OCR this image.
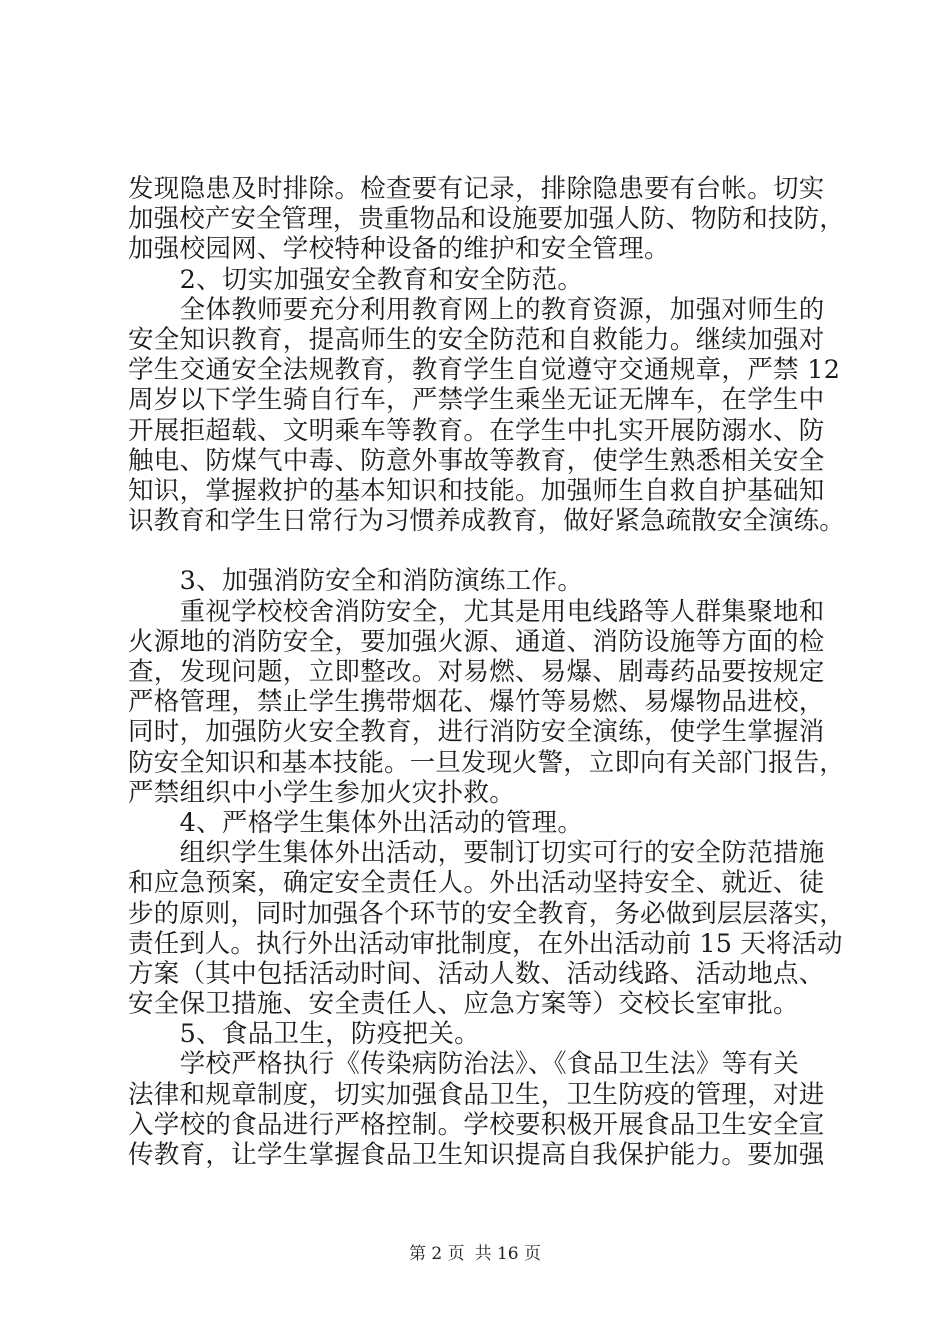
发现隐患及时排除。检查要有记录，排除隐患要有台帐。切实
加强校产安全管理，贵重物品和设施要加强人防、物防和技防，
加强校园网、学校特种设备的维护和安全管理。
　　2、切实加强安全教育和安全防范。
　　全体教师要充分利用教育网上的教育资源，加强对师生的
安全知识教育，提高师生的安全防范和自救能力。继续加强对
学生交通安全法规教育，教育学生自觉遵守交通规章，严禁 12
周岁以下学生骑自行车，严禁学生乘坐无证无牌车，在学生中
开展拒超载、文明乘车等教育。在学生中扎实开展防溺水、防
触电、防煤气中毒、防意外事故等教育，使学生熟悉相关安全
知识，掌握救护的基本知识和技能。加强师生自救自护基础知
识教育和学生日常行为习惯养成教育，做好紧急疏散安全演练。
　　3、加强消防安全和消防演练工作。
　　重视学校校舍消防安全，尤其是用电线路等人群集聚地和
火源地的消防安全，要加强火源、通道、消防设施等方面的检
查，发现问题，立即整改。对易燃、易爆、剧毒药品要按规定
严格管理，禁止学生携带烟花、爆竹等易燃、易爆物品进校，
同时，加强防火安全教育，进行消防安全演练，使学生掌握消
防安全知识和基本技能。一旦发现火警，立即向有关部门报告，
严禁组织中小学生参加火灾扑救。
　　4、严格学生集体外出活动的管理。
　　组织学生集体外出活动，要制订切实可行的安全防范措施
和应急预案，确定安全责任人。外出活动坚持安全、就近、徒
步的原则，同时加强各个环节的安全教育，务必做到层层落实，
责任到人。执行外出活动审批制度，在外出活动前 15 天将活动
方案（其中包括活动时间、活动人数、活动线路、活动地点、
安全保卫措施、安全责任人、应急方案等）交校长室审批。
　　5、食品卫生，防疫把关。
　　学校严格执行《传染病防治法》、《食品卫生法》等有关
法律和规章制度，切实加强食品卫生，卫生防疫的管理，对进
入学校的食品进行严格控制。学校要积极开展食品卫生安全宣
传教育，让学生掌握食品卫生知识提高自我保护能力。要加强
第 2 页 共 16 页
